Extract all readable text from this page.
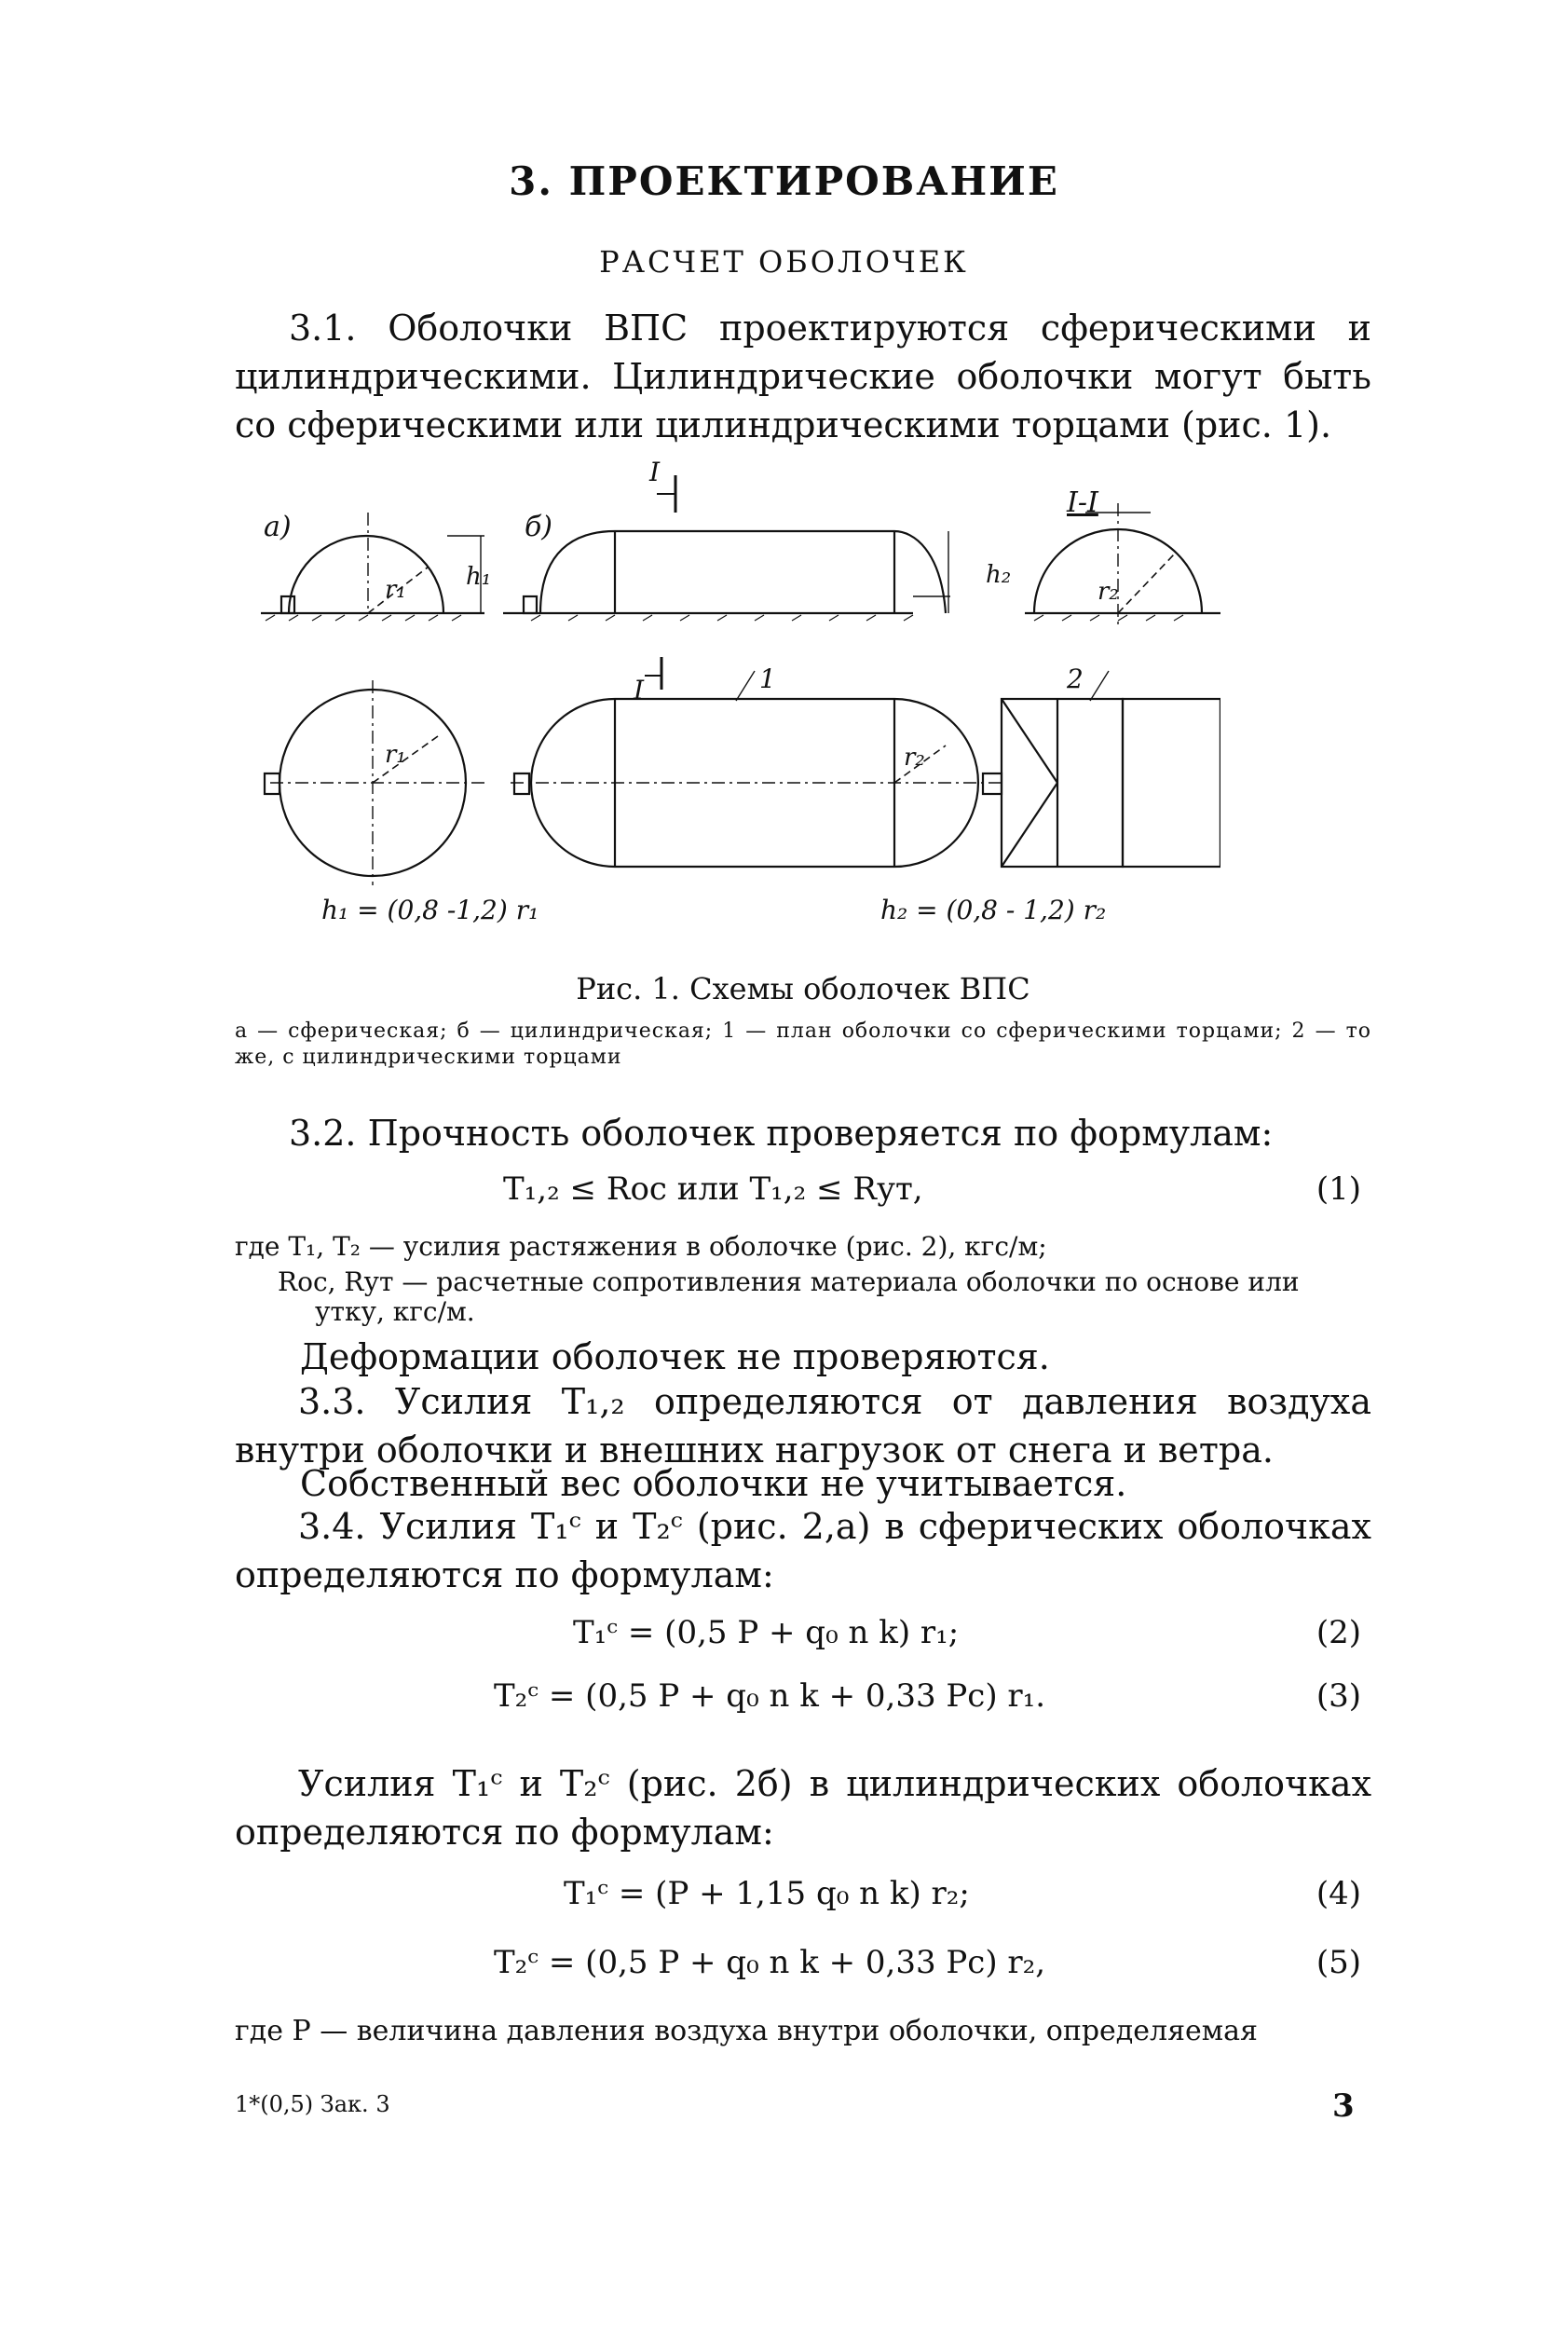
3. ПРОЕКТИРОВАНИЕ
РАСЧЕТ ОБОЛОЧЕК
3.1. Оболочки ВПС проектируются сферическими и цилиндрическими. Цилиндрические оболочки могут быть со сферическими или цилиндрическими торцами (рис. 1).
а)	б)
I
I-I
r₁ h₁	h₂
r₂
I	1	2
r₁	r₂
h₁ = (0,8 -1,2) r₁	h₂ = (0,8 - 1,2) r₂
Рис. 1. Схемы оболочек ВПС
а — сферическая; б — цилиндрическая; 1 — план оболочки со сферическими торцами; 2 — то же, с цилиндрическими торцами
3.2. Прочность оболочек проверяется по формулам:
T₁,₂ ≤ Rос или T₁,₂ ≤ Rут,	(1)
где T₁, T₂ — усилия растяжения в оболочке (рис. 2), кгс/м;
Rос, Rут — расчетные сопротивления материала оболочки по основе или утку, кгс/м.
Деформации оболочек не проверяются.
3.3. Усилия T₁,₂ определяются от давления воздуха внутри оболочки и внешних нагрузок от снега и ветра.
Собственный вес оболочки не учитывается.
3.4. Усилия T₁ᶜ и T₂ᶜ (рис. 2,а) в сферических оболочках определяются по формулам:
T₁ᶜ = (0,5 P + q₀ n k) r₁;	(2)
T₂ᶜ = (0,5 P + q₀ n k + 0,33 Pс) r₁.	(3)
Усилия T₁ᶜ и T₂ᶜ (рис. 2б) в цилиндрических оболочках определяются по формулам:
T₁ᶜ = (P + 1,15 q₀ n k) r₂;	(4)
T₂ᶜ = (0,5 P + q₀ n k + 0,33 Pс) r₂,	(5)
где P — величина давления воздуха внутри оболочки, определяемая
1*(0,5) Зак. 3	3
